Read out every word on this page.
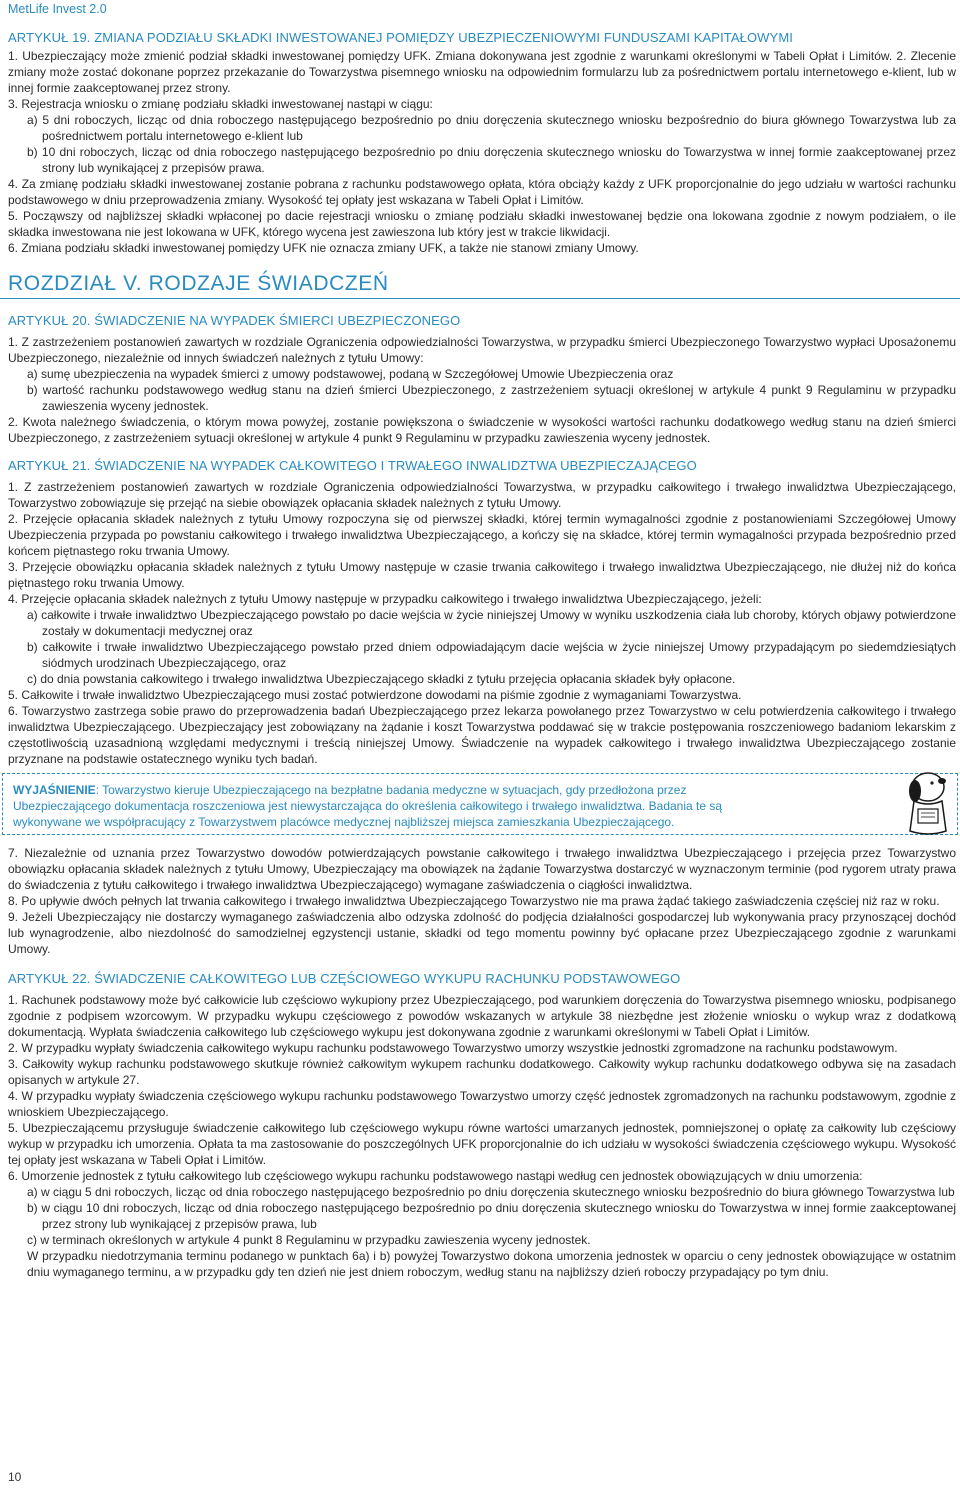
MetLife Invest 2.0
ARTYKUŁ 19. ZMIANA PODZIAŁU SKŁADKI INWESTOWANEJ POMIĘDZY UBEZPIECZENIOWYMI FUNDUSZAMI KAPITAŁOWYMI

1. Ubezpieczający może zmienić podział składki inwestowanej pomiędzy UFK. Zmiana dokonywana jest zgodnie z warunkami określonymi w Tabeli Opłat i Limitów. 2. Zlecenie zmiany może zostać dokonane poprzez przekazanie do Towarzystwa pisemnego wniosku na odpowiednim formularzu lub za pośrednictwem portalu internetowego e-klient, lub w innej formie zaakceptowanej przez strony.

3. Rejestracja wniosku o zmianę podziału składki inwestowanej nastąpi w ciągu:

a) 5 dni roboczych, licząc od dnia roboczego następującego bezpośrednio po dniu doręczenia skutecznego wniosku bezpośrednio do biura głównego Towarzystwa lub za pośrednictwem portalu internetowego e-klient lub

b) 10 dni roboczych, licząc od dnia roboczego następującego bezpośrednio po dniu doręczenia skutecznego wniosku do Towarzystwa w innej formie zaakceptowanej przez strony lub wynikającej z przepisów prawa.

4. Za zmianę podziału składki inwestowanej zostanie pobrana z rachunku podstawowego opłata, która obciąży każdy z UFK proporcjonalnie do jego udziału w wartości rachunku podstawowego w dniu przeprowadzenia zmiany. Wysokość tej opłaty jest wskazana w Tabeli Opłat i Limitów.

5. Począwszy od najbliższej składki wpłaconej po dacie rejestracji wniosku o zmianę podziału składki inwestowanej będzie ona lokowana zgodnie z nowym podziałem, o ile składka inwestowana nie jest lokowana w UFK, którego wycena jest zawieszona lub który jest w trakcie likwidacji.

6. Zmiana podziału składki inwestowanej pomiędzy UFK nie oznacza zmiany UFK, a także nie stanowi zmiany Umowy.

ROZDZIAŁ V. RODZAJE ŚWIADCZEŃ
ARTYKUŁ 20. ŚWIADCZENIE NA WYPADEK ŚMIERCI UBEZPIECZONEGO

1. Z zastrzeżeniem postanowień zawartych w rozdziale Ograniczenia odpowiedzialności Towarzystwa, w przypadku śmierci Ubezpieczonego Towarzystwo wypłaci Uposażonemu Ubezpieczonego, niezależnie od innych świadczeń należnych z tytułu Umowy:

a) sumę ubezpieczenia na wypadek śmierci z umowy podstawowej, podaną w Szczegółowej Umowie Ubezpieczenia oraz

b) wartość rachunku podstawowego według stanu na dzień śmierci Ubezpieczonego, z zastrzeżeniem sytuacji określonej w artykule 4 punkt 9 Regulaminu w przypadku zawieszenia wyceny jednostek.

2. Kwota należnego świadczenia, o którym mowa powyżej, zostanie powiększona o świadczenie w wysokości wartości rachunku dodatkowego według stanu na dzień śmierci Ubezpieczonego, z zastrzeżeniem sytuacji określonej w artykule 4 punkt 9 Regulaminu w przypadku zawieszenia wyceny jednostek.

ARTYKUŁ 21. ŚWIADCZENIE NA WYPADEK CAŁKOWITEGO I TRWAŁEGO INWALIDZTWA UBEZPIECZAJĄCEGO

1. Z zastrzeżeniem postanowień zawartych w rozdziale Ograniczenia odpowiedzialności Towarzystwa, w przypadku całkowitego i trwałego inwalidztwa Ubezpieczającego, Towarzystwo zobowiązuje się przejąć na siebie obowiązek opłacania składek należnych z tytułu Umowy.

2. Przejęcie opłacania składek należnych z tytułu Umowy rozpoczyna się od pierwszej składki, której termin wymagalności zgodnie z postanowieniami Szczegółowej Umowy Ubezpieczenia przypada po powstaniu całkowitego i trwałego inwalidztwa Ubezpieczającego, a kończy się na składce, której termin wymagalności przypada bezpośrednio przed końcem piętnastego roku trwania Umowy.

3. Przejęcie obowiązku opłacania składek należnych z tytułu Umowy następuje w czasie trwania całkowitego i trwałego inwalidztwa Ubezpieczającego, nie dłużej niż do końca piętnastego roku trwania Umowy.

4. Przejęcie opłacania składek należnych z tytułu Umowy następuje w przypadku całkowitego i trwałego inwalidztwa Ubezpieczającego, jeżeli:

a) całkowite i trwałe inwalidztwo Ubezpieczającego powstało po dacie wejścia w życie niniejszej Umowy w wyniku uszkodzenia ciała lub choroby, których objawy potwierdzone zostały w dokumentacji medycznej oraz

b) całkowite i trwałe inwalidztwo Ubezpieczającego powstało przed dniem odpowiadającym dacie wejścia w życie niniejszej Umowy przypadającym po siedemdziesiątych siódmych urodzinach Ubezpieczającego, oraz

c) do dnia powstania całkowitego i trwałego inwalidztwa Ubezpieczającego składki z tytułu przejęcia opłacania składek były opłacone.

5. Całkowite i trwałe inwalidztwo Ubezpieczającego musi zostać potwierdzone dowodami na piśmie zgodnie z wymaganiami Towarzystwa.

6. Towarzystwo zastrzega sobie prawo do przeprowadzenia badań Ubezpieczającego przez lekarza powołanego przez Towarzystwo w celu potwierdzenia całkowitego i trwałego inwalidztwa Ubezpieczającego. Ubezpieczający jest zobowiązany na żądanie i koszt Towarzystwa poddawać się w trakcie postępowania roszczeniowego badaniom lekarskim z częstotliwością uzasadnioną względami medycznymi i treścią niniejszej Umowy. Świadczenie na wypadek całkowitego i trwałego inwalidztwa Ubezpieczającego zostanie przyznane na podstawie ostatecznego wyniku tych badań.

WYJAŚNIENIE: Towarzystwo kieruje Ubezpieczającego na bezpłatne badania medyczne w sytuacjach, gdy przedłożona przez Ubezpieczającego dokumentacja roszczeniowa jest niewystarczająca do określenia całkowitego i trwałego inwalidztwa. Badania te są wykonywane we współpracujący z Towarzystwem placówce medycznej najbliższej miejsca zamieszkania Ubezpieczającego.

7. Niezależnie od uznania przez Towarzystwo dowodów potwierdzających powstanie całkowitego i trwałego inwalidztwa Ubezpieczającego i przejęcia przez Towarzystwo obowiązku opłacania składek należnych z tytułu Umowy, Ubezpieczający ma obowiązek na żądanie Towarzystwa dostarczyć w wyznaczonym terminie (pod rygorem utraty prawa do świadczenia z tytułu całkowitego i trwałego inwalidztwa Ubezpieczającego) wymagane zaświadczenia o ciągłości inwalidztwa.

8. Po upływie dwóch pełnych lat trwania całkowitego i trwałego inwalidztwa Ubezpieczającego Towarzystwo nie ma prawa żądać takiego zaświadczenia częściej niż raz w roku.

9. Jeżeli Ubezpieczający nie dostarczy wymaganego zaświadczenia albo odzyska zdolność do podjęcia działalności gospodarczej lub wykonywania pracy przynoszącej dochód lub wynagrodzenie, albo niezdolność do samodzielnej egzystencji ustanie, składki od tego momentu powinny być opłacane przez Ubezpieczającego zgodnie z warunkami Umowy.

ARTYKUŁ 22. ŚWIADCZENIE CAŁKOWITEGO LUB CZĘŚCIOWEGO WYKUPU RACHUNKU PODSTAWOWEGO

1. Rachunek podstawowy może być całkowicie lub częściowo wykupiony przez Ubezpieczającego, pod warunkiem doręczenia do Towarzystwa pisemnego wniosku, podpisanego zgodnie z podpisem wzorcowym. W przypadku wykupu częściowego z powodów wskazanych w artykule 38 niezbędne jest złożenie wniosku o wykup wraz z dodatkową dokumentacją. Wypłata świadczenia całkowitego lub częściowego wykupu jest dokonywana zgodnie z warunkami określonymi w Tabeli Opłat i Limitów.

2. W przypadku wypłaty świadczenia całkowitego wykupu rachunku podstawowego Towarzystwo umorzy wszystkie jednostki zgromadzone na rachunku podstawowym.

3. Całkowity wykup rachunku podstawowego skutkuje również całkowitym wykupem rachunku dodatkowego. Całkowity wykup rachunku dodatkowego odbywa się na zasadach opisanych w artykule 27.

4. W przypadku wypłaty świadczenia częściowego wykupu rachunku podstawowego Towarzystwo umorzy część jednostek zgromadzonych na rachunku podstawowym, zgodnie z wnioskiem Ubezpieczającego.

5. Ubezpieczającemu przysługuje świadczenie całkowitego lub częściowego wykupu równe wartości umarzanych jednostek, pomniejszonej o opłatę za całkowity lub częściowy wykup w przypadku ich umorzenia. Opłata ta ma zastosowanie do poszczególnych UFK proporcjonalnie do ich udziału w wysokości świadczenia częściowego wykupu. Wysokość tej opłaty jest wskazana w Tabeli Opłat i Limitów.

6. Umorzenie jednostek z tytułu całkowitego lub częściowego wykupu rachunku podstawowego nastąpi według cen jednostek obowiązujących w dniu umorzenia:

a) w ciągu 5 dni roboczych, licząc od dnia roboczego następującego bezpośrednio po dniu doręczenia skutecznego wniosku bezpośrednio do biura głównego Towarzystwa lub

b) w ciągu 10 dni roboczych, licząc od dnia roboczego następującego bezpośrednio po dniu doręczenia skutecznego wniosku do Towarzystwa w innej formie zaakceptowanej przez strony lub wynikającej z przepisów prawa, lub

c) w terminach określonych w artykule 4 punkt 8 Regulaminu w przypadku zawieszenia wyceny jednostek.

W przypadku niedotrzymania terminu podanego w punktach 6a) i b) powyżej Towarzystwo dokona umorzenia jednostek w oparciu o ceny jednostek obowiązujące w ostatnim dniu wymaganego terminu, a w przypadku gdy ten dzień nie jest dniem roboczym, według stanu na najbliższy dzień roboczy przypadający po tym dniu.

10
